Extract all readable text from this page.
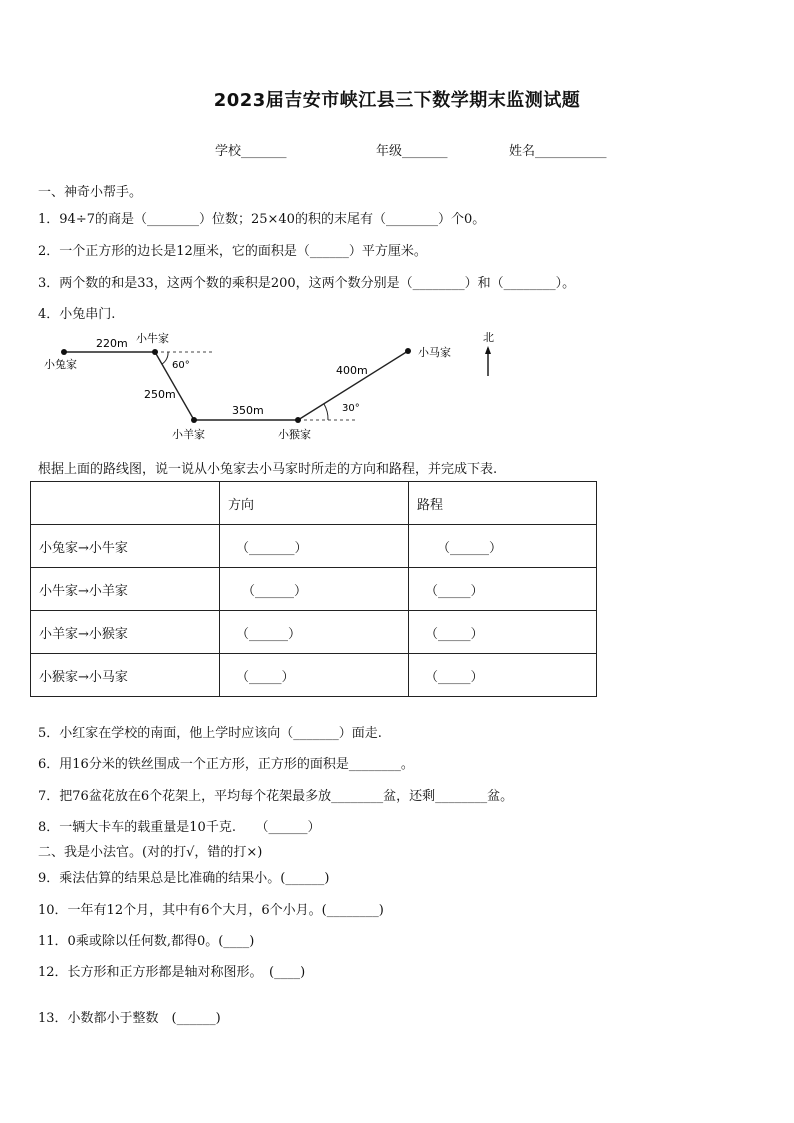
2023届吉安市峡江县三下数学期末监测试题
学校_______	年级_______	姓名___________
一、神奇小帮手。
1．94÷7的商是（________）位数；25×40的积的末尾有（________）个0。
2．一个正方形的边长是12厘米，它的面积是（______）平方厘米。
3．两个数的和是33，这两个数的乘积是200，这两个数分别是（________）和（________）。
4．小兔串门.
小兔家
小牛家
小羊家	小猴家
小马家
220m
250m
350m
400m
60°
30°
北
根据上面的路线图，说一说从小兔家去小马家时所走的方向和路程，并完成下表.
	方向	路程
小兔家→小牛家	（_______）	（______）
小牛家→小羊家	（______）	（_____）
小羊家→小猴家	（______）	（_____）
小猴家→小马家	（_____）	（_____）
5．小红家在学校的南面，他上学时应该向（_______）面走.
6．用16分米的铁丝围成一个正方形，正方形的面积是________。
7．把76盆花放在6个花架上，平均每个花架最多放________盆，还剩________盆。
8．一辆大卡车的载重量是10千克.　　（______）
二、我是小法官。(对的打√，错的打×)
9．乘法估算的结果总是比准确的结果小。(______)
10．一年有12个月，其中有6个大月，6个小月。(________)
11．0乘或除以任何数,都得0。(____)
12．长方形和正方形都是轴对称图形。　(____)
13．小数都小于整数　(______)
